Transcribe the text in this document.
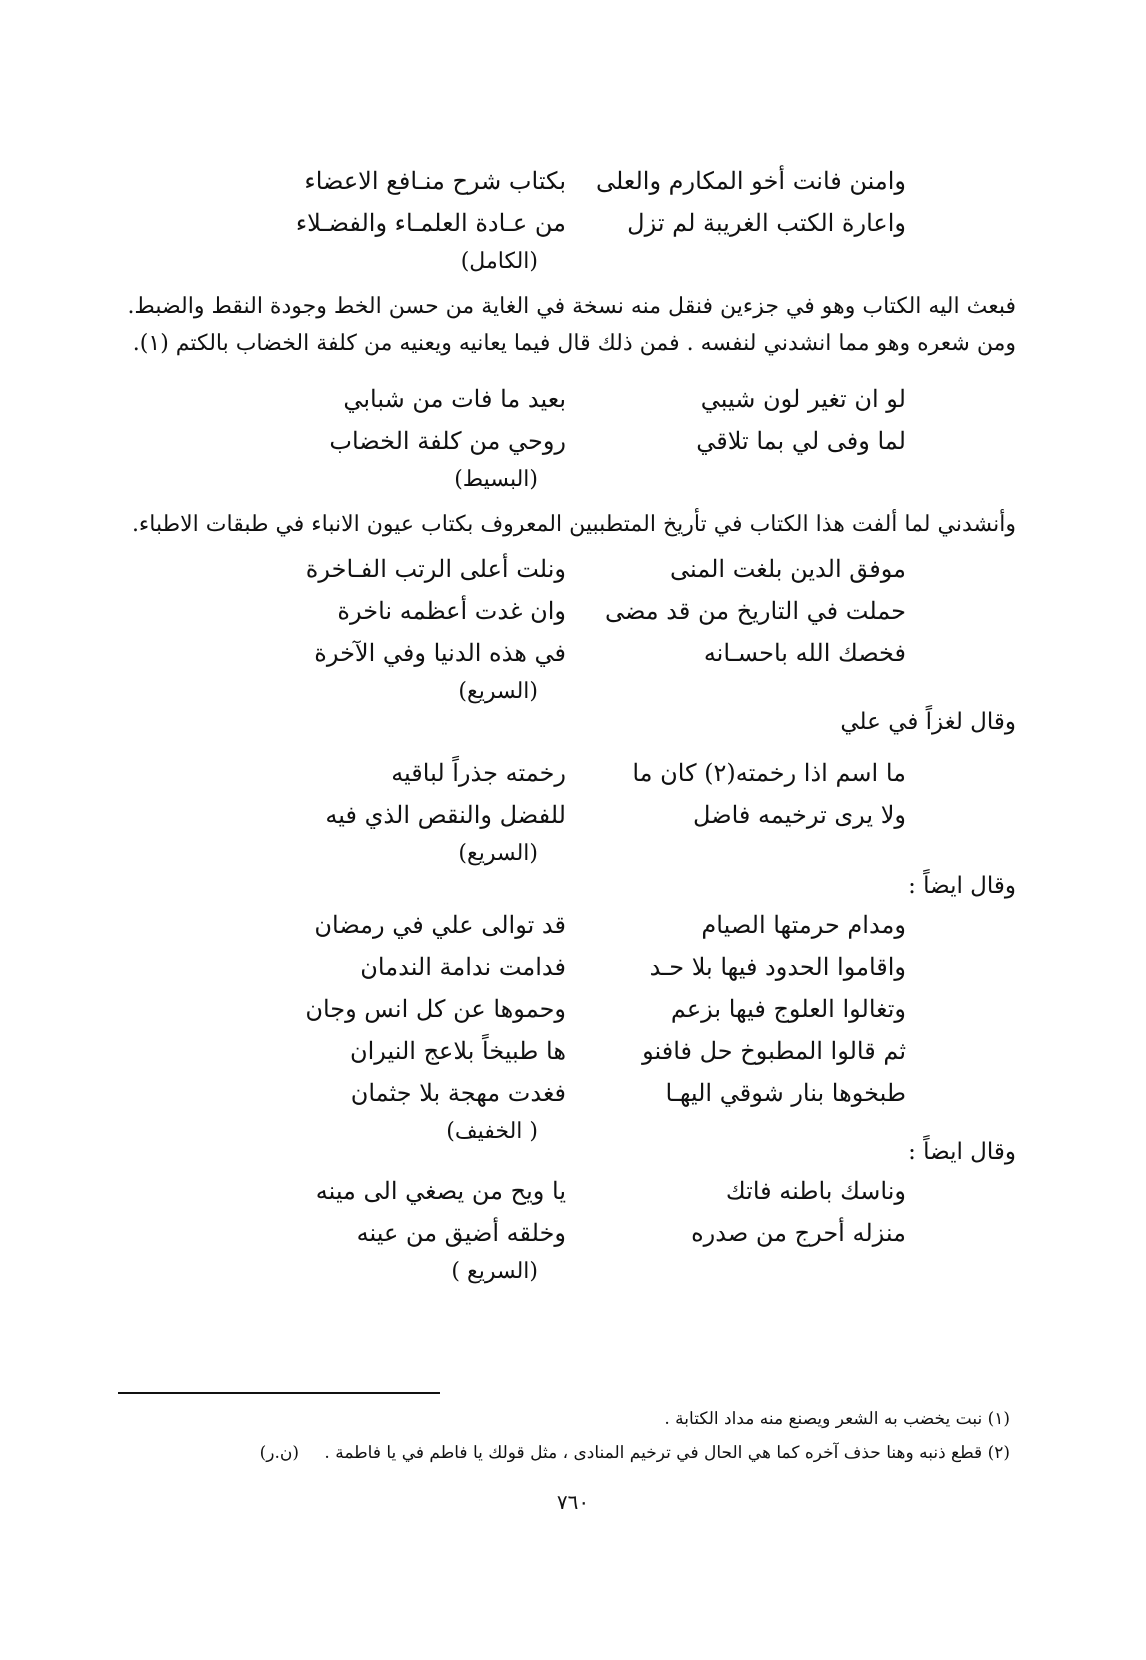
وامنن فانت أخو المكارم والعلى
بكتاب شرح منـافع الاعضاء
واعارة الكتب الغريبة لم تزل
من عـادة العلمـاء والفضـلاء
(الكامل)
فبعث اليه الكتاب وهو في جزءين فنقل منه نسخة في الغاية من حسن الخط وجودة النقط والضبط.
ومن شعره وهو مما انشدني لنفسه . فمن ذلك قال فيما يعانيه ويعنيه من كلفة الخضاب بالكتم (١).
لو ان تغير لون شيبي
بعيد ما فات من شبابي
لما وفى لي بما تلاقي
روحي من كلفة الخضاب
(البسيط)
وأنشدني لما ألفت هذا الكتاب في تأريخ المتطببين المعروف بكتاب عيون الانباء في طبقات الاطباء.
موفق الدين بلغت المنى
ونلت أعلى الرتب الفـاخرة
حملت في التاريخ من قد مضى
وان غدت أعظمه ناخرة
فخصك الله باحسـانه
في هذه الدنيا وفي الآخرة
(السريع)
وقال لغزاً في علي
ما اسم اذا رخمته(٢) كان ما
رخمته جذراً لباقيه
ولا يرى ترخيمه فاضل
للفضل والنقص الذي فيه
(السريع)
وقال ايضاً :
ومدام حرمتها الصيام
قد توالى علي في رمضان
واقاموا الحدود فيها بلا حـد
فدامت ندامة الندمان
وتغالوا العلوج فيها بزعم
وحموها عن كل انس وجان
ثم قالوا المطبوخ حل فافنو
ها طبيخاً بلاعج النيران
طبخوها بنار شوقي اليهـا
فغدت مهجة بلا جثمان
( الخفيف)
وقال ايضاً :
وناسك باطنه فاتك
يا ويح من يصغي الى مينه
منزله أحرج من صدره
وخلقه أضيق من عينه
(السريع )
(١) نبت يخضب به الشعر ويصنع منه مداد الكتابة .
(٢) قطع ذنبه وهنا حذف آخره كما هي الحال في ترخيم المنادى ، مثل قولك يا فاطم في يا فاطمة . (ن.ر)
٧٦٠
